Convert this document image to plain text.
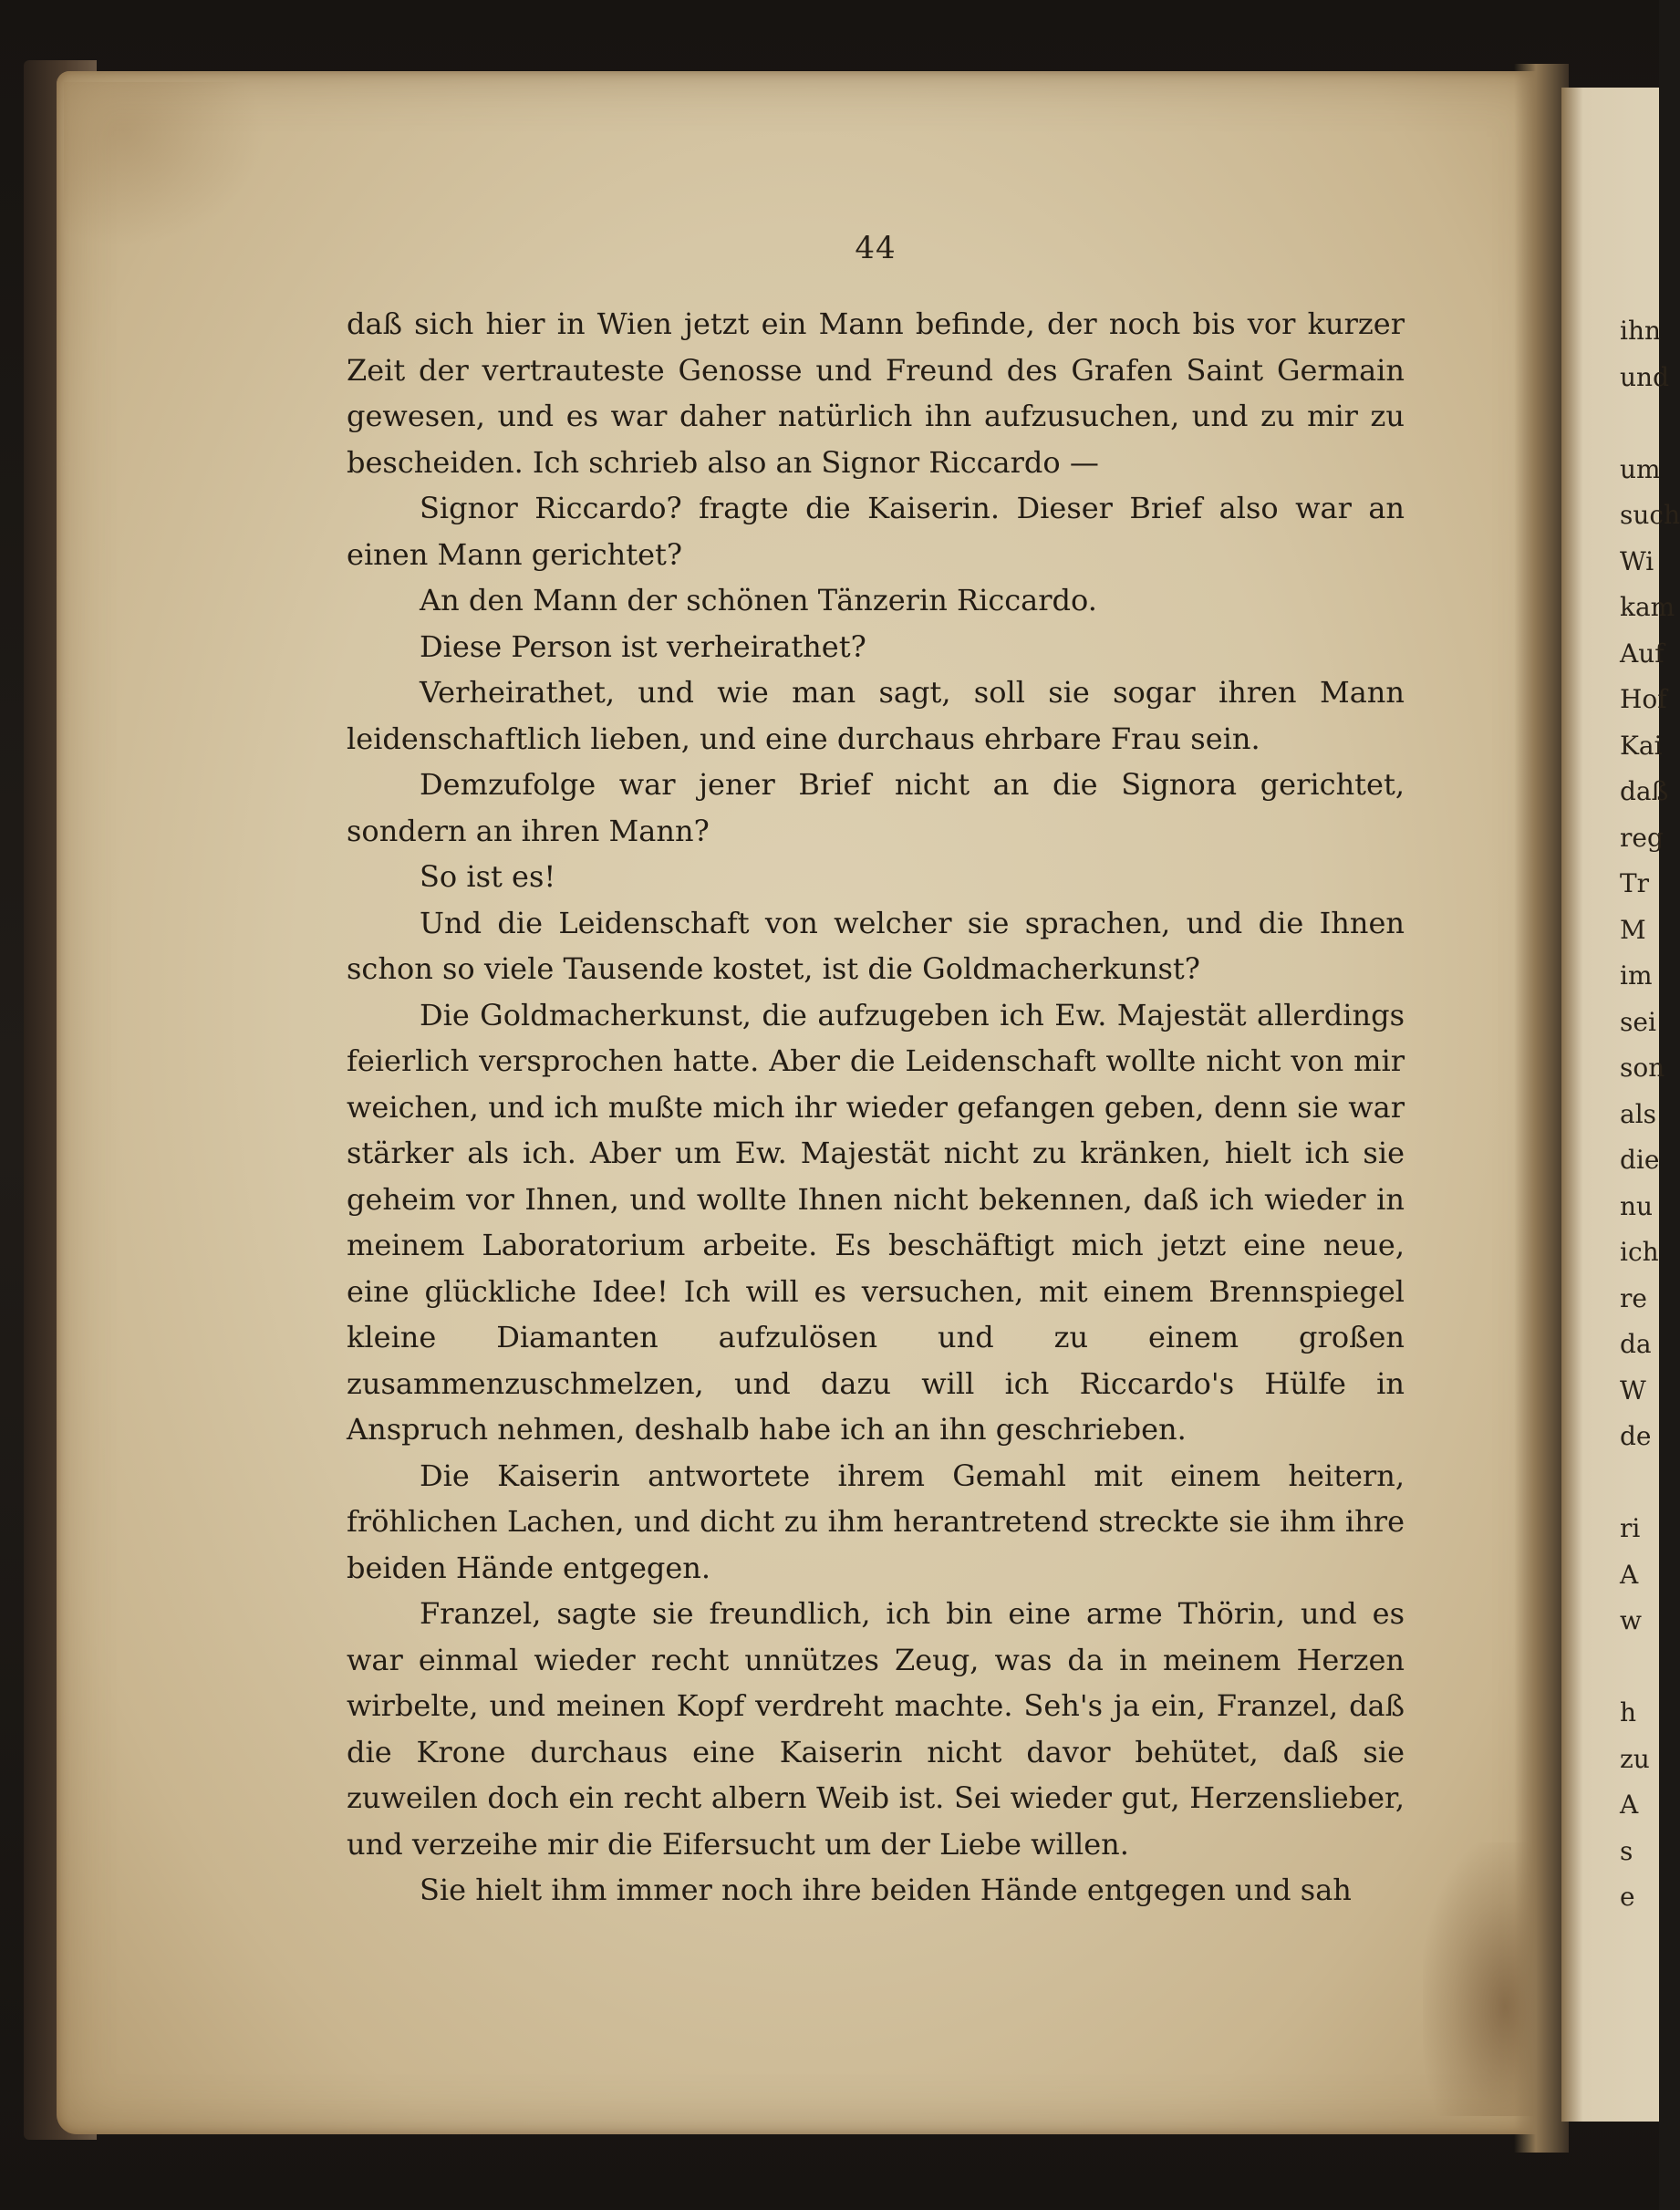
44

daß sich hier in Wien jetzt ein Mann befinde, der noch bis vor kurzer Zeit der vertrauteste Genosse und Freund des Grafen Saint Germain gewesen, und es war daher natürlich ihn aufzusuchen, und zu mir zu bescheiden. Ich schrieb also an Signor Riccardo —

Signor Riccardo? fragte die Kaiserin. Dieser Brief also war an einen Mann gerichtet?

An den Mann der schönen Tänzerin Riccardo.

Diese Person ist verheirathet?

Verheirathet, und wie man sagt, soll sie sogar ihren Mann leidenschaftlich lieben, und eine durchaus ehrbare Frau sein.

Demzufolge war jener Brief nicht an die Signora gerichtet, sondern an ihren Mann?

So ist es!

Und die Leidenschaft von welcher sie sprachen, und die Ihnen schon so viele Tausende kostet, ist die Goldmacherkunst?

Die Goldmacherkunst, die aufzugeben ich Ew. Majestät allerdings feierlich versprochen hatte. Aber die Leidenschaft wollte nicht von mir weichen, und ich mußte mich ihr wieder gefangen geben, denn sie war stärker als ich. Aber um Ew. Majestät nicht zu kränken, hielt ich sie geheim vor Ihnen, und wollte Ihnen nicht bekennen, daß ich wieder in meinem Laboratorium arbeite. Es beschäftigt mich jetzt eine neue, eine glückliche Idee! Ich will es versuchen, mit einem Brennspiegel kleine Diamanten aufzulösen und zu einem großen zusammenzuschmelzen, und dazu will ich Riccardo's Hülfe in Anspruch nehmen, deshalb habe ich an ihn geschrieben.

Die Kaiserin antwortete ihrem Gemahl mit einem heitern, fröhlichen Lachen, und dicht zu ihm herantretend streckte sie ihm ihre beiden Hände entgegen.

Franzel, sagte sie freundlich, ich bin eine arme Thörin, und es war einmal wieder recht unnützes Zeug, was da in meinem Herzen wirbelte, und meinen Kopf verdreht machte. Seh's ja ein, Franzel, daß die Krone durchaus eine Kaiserin nicht davor behütet, daß sie zuweilen doch ein recht albern Weib ist. Sei wieder gut, Herzenslieber, und verzeihe mir die Eifersucht um der Liebe willen.

Sie hielt ihm immer noch ihre beiden Hände entgegen und sah

ihn
und
um
such
Wi
kam
Auf
Hof
Kai
daß
reg
Tr
M
im
sei
son
als
die
nu
ich
re
da
W
de
ri
A
w
h
zu
A
s
e
